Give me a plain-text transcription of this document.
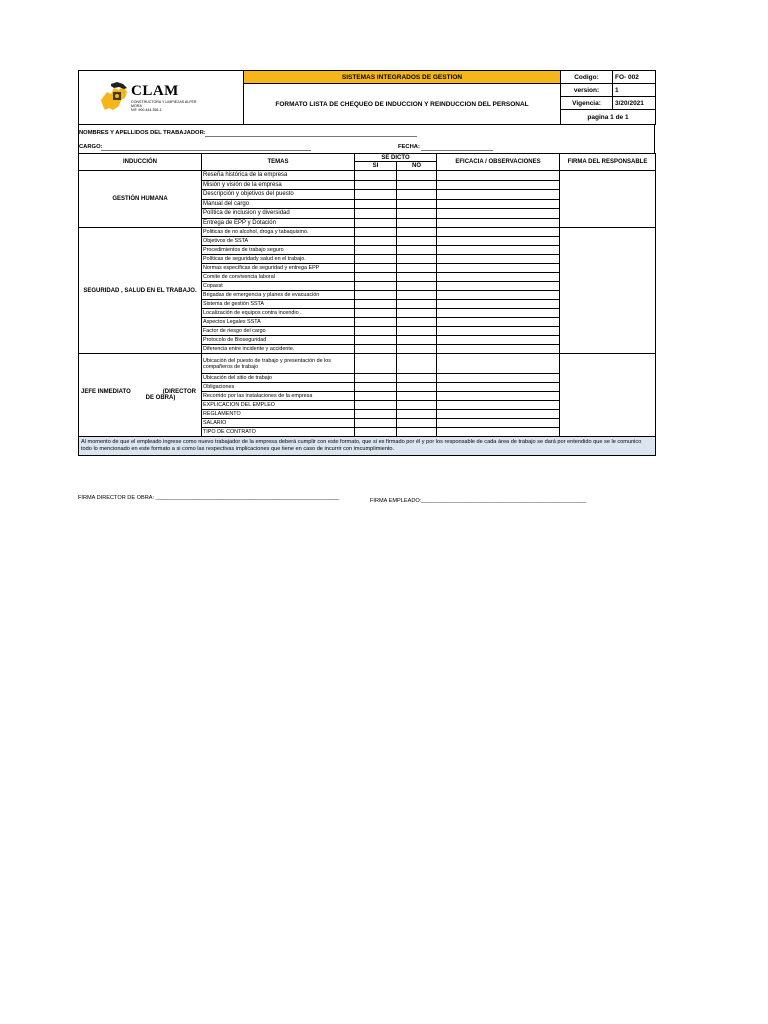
CLAM
CONSTRUCTORA Y LIMPIEZAS ALFER MORA
NIT: 900.444.356-1	SISTEMAS INTEGRADOS DE GESTION	Codigo:	FO- 002
	FORMATO LISTA DE CHEQUEO DE INDUCCION Y REINDUCCION DEL PERSONAL	version:	1
		Vigencia:	3/20/2021
		pagina 1 de 1	
NOMBRES Y APELLIDOS DEL TRABAJADOR:
CARGO:	FECHA:
INDUCCIÓN	TEMAS	SE DICTO		EFICACIA / OBSERVACIONES	FIRMA DEL RESPONSABLE
		SI	NO		
GESTIÓN HUMANA	Reseña histórica de la empresa				
	Misión y visión de la empresa				
	Descripción y objetivos del puesto				
	Manual del cargo				
	Política de inclusion y diversidad				
	Entrega de EPP y Dotación				
SEGURIDAD , SALUD EN EL TRABAJO.	Politicas de no alcohol, droga y tabaquismo.				
	Objetivos de SSTA				
	Procedimientos de trabajo seguro				
	Políticas de seguridady salud en el trabajo.				
	Normas específicas de seguridad y entrega EPP				
	Comite de convivencia laboral				
	Copasst				
	Brigadas de emergencia y planes de evacuación				
	Sistema de gestión SSTA				
	Localización de equipos contra incendio .				
	Aspectos Legales SSTA				
	Factor de riesgo del cargo				
	Protocolo de Bioseguridad				
	Diferencia entre incidente y accidente.				

JEFE INMEDIATO (DIRECTOR
DE OBRA)	Ubicación del puesto de trabajo y presentación de los compañeros de trabajo				
	Ubicación del sitio de trabajo				
	Obligaciones				
	Recorrido por las instalaciones de la empresa				
	EXPLICACION DEL EMPLEO				
	REGLAMENTO				
	SALARIO				
	TIPO DE CONTRATO				
Al momento de que el empleado ingrese como nuevo trabajador de la empresa deberá cumplir con este formato, que si es firmado por él y por los responsable de cada área de trabajo se dará por entendido que se le comunico todo lo mencionado en este formato a si como las respectivas implicaciones que tiene en caso de incurrir con imcumplimiento.					
FIRMA DIRECTOR DE OBRA: ___________________________________________________________	FIRMA EMPLEADO:_____________________________________________________
